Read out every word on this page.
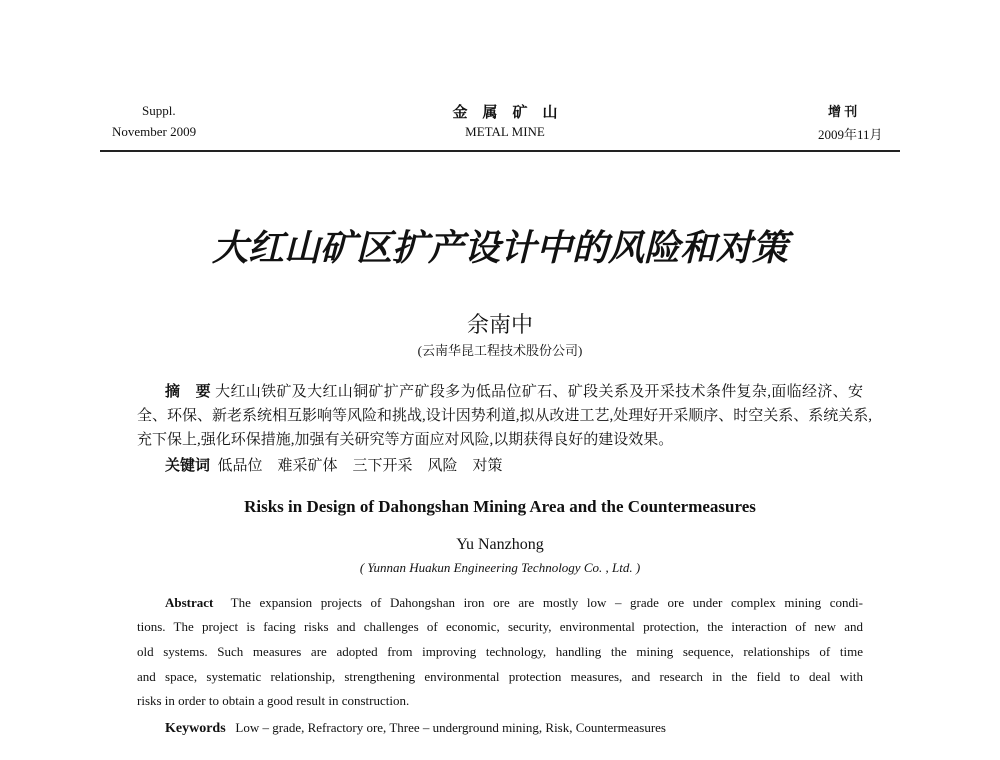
Suppl.
November 2009
金　属　矿　山
METAL MINE
增 刊
2009年11月
大红山矿区扩产设计中的风险和对策
余南中
(云南华昆工程技术股份公司)
摘　要 大红山铁矿及大红山铜矿扩产矿段多为低品位矿石、矿段关系及开采技术条件复杂,面临经济、安
全、环保、新老系统相互影响等风险和挑战,设计因势利道,拟从改进工艺,处理好开采顺序、时空关系、系统关系,
充下保上,强化环保措施,加强有关研究等方面应对风险,以期获得良好的建设效果。
关键词 低品位　难采矿体　三下开采　风险　对策
Risks in Design of Dahongshan Mining Area and the Countermeasures
Yu Nanzhong
( Yunnan Huakun Engineering Technology Co. , Ltd. )
Abstract The expansion projects of Dahongshan iron ore are mostly low – grade ore under complex mining condi-
tions. The project is facing risks and challenges of economic, security, environmental protection, the interaction of new and
old systems. Such measures are adopted from improving technology, handling the mining sequence, relationships of time
and space, systematic relationship, strengthening environmental protection measures, and research in the field to deal with
risks in order to obtain a good result in construction.
Keywords Low – grade, Refractory ore, Three – underground mining, Risk, Countermeasures
